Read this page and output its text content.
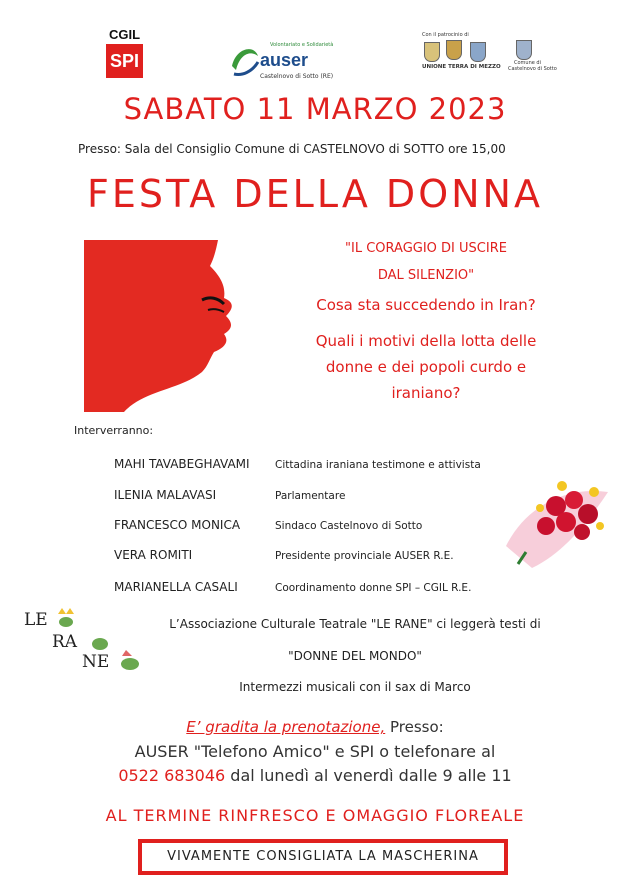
CGIL
SPI
Volontariato e Solidarietà
auser
Castelnovo di Sotto (RE)
Con il patrocinio di
UNIONE TERRA DI MEZZO
Comune di
Castelnovo di Sotto
SABATO 11 MARZO 2023
Presso: Sala del Consiglio Comune di CASTELNOVO di SOTTO ore 15,00
FESTA DELLA DONNA
"IL CORAGGIO DI USCIRE
DAL SILENZIO"
Cosa sta succedendo in Iran?
Quali i motivi della lotta delle
donne e dei popoli curdo e
iraniano?
Interverranno:
MAHI TAVABEGHAVAMI Cittadina iraniana testimone e attivista
ILENIA MALAVASI	Parlamentare
FRANCESCO MONICA	Sindaco Castelnovo di Sotto
VERA ROMITI	Presidente provinciale AUSER R.E.
MARIANELLA CASALI	Coordinamento donne SPI – CGIL R.E.
LE
RA
NE
L’Associazione Culturale Teatrale "LE RANE" ci leggerà testi di
"DONNE DEL MONDO"
Intermezzi musicali con il sax di Marco
E’ gradita la prenotazione, Presso:
AUSER "Telefono Amico" e SPI o telefonare al
0522 683046 dal lunedì al venerdì dalle 9 alle 11
AL TERMINE RINFRESCO E OMAGGIO FLOREALE
VIVAMENTE CONSIGLIATA LA MASCHERINA
